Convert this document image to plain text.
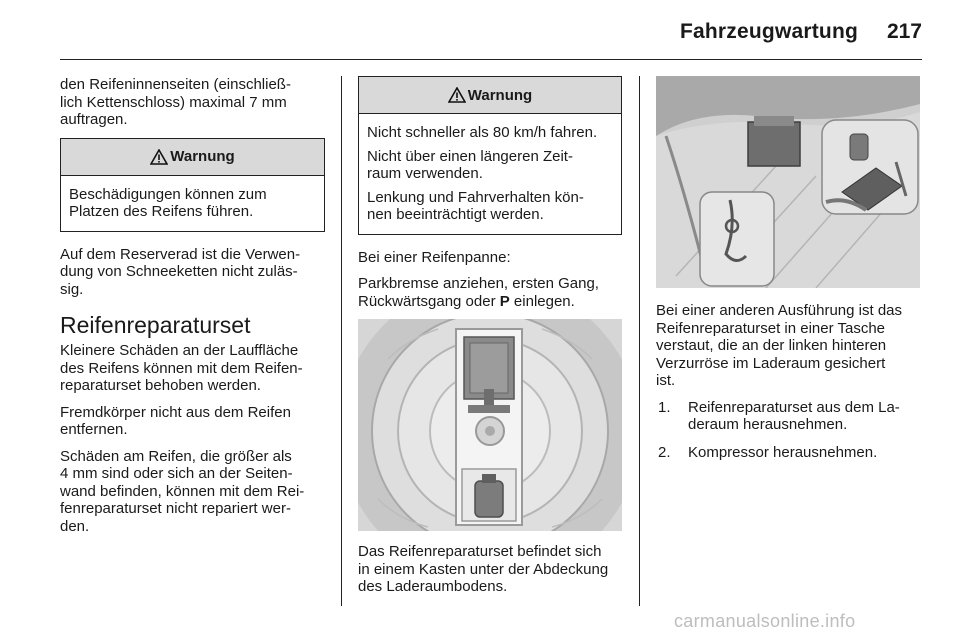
Fahrzeugwartung	217

den Reifeninnenseiten (einschließ-
lich Kettenschloss) maximal 7 mm
auftragen.

Warnung

Beschädigungen können zum
Platzen des Reifens führen.

Auf dem Reserverad ist die Verwen-
dung von Schneeketten nicht zuläs-
sig.

Reifenreparaturset

Kleinere Schäden an der Lauffläche
des Reifens können mit dem Reifen-
reparaturset behoben werden.

Fremdkörper nicht aus dem Reifen
entfernen.

Schäden am Reifen, die größer als
4 mm sind oder sich an der Seiten-
wand befinden, können mit dem Rei-
fenreparaturset nicht repariert wer-
den.

Warnung

Nicht schneller als 80 km/h fahren.

Nicht über einen längeren Zeit-
raum verwenden.

Lenkung und Fahrverhalten kön-
nen beeinträchtigt werden.

Bei einer Reifenpanne:

Parkbremse anziehen, ersten Gang,
Rückwärtsgang oder P einlegen.

Das Reifenreparaturset befindet sich
in einem Kasten unter der Abdeckung
des Laderaumbodens.

Bei einer anderen Ausführung ist das
Reifenreparaturset in einer Tasche
verstaut, die an der linken hinteren
Verzurröse im Laderaum gesichert
ist.

1.	Reifenreparaturset aus dem La-
deraum herausnehmen.
2.	Kompressor herausnehmen.
carmanualsonline.info
